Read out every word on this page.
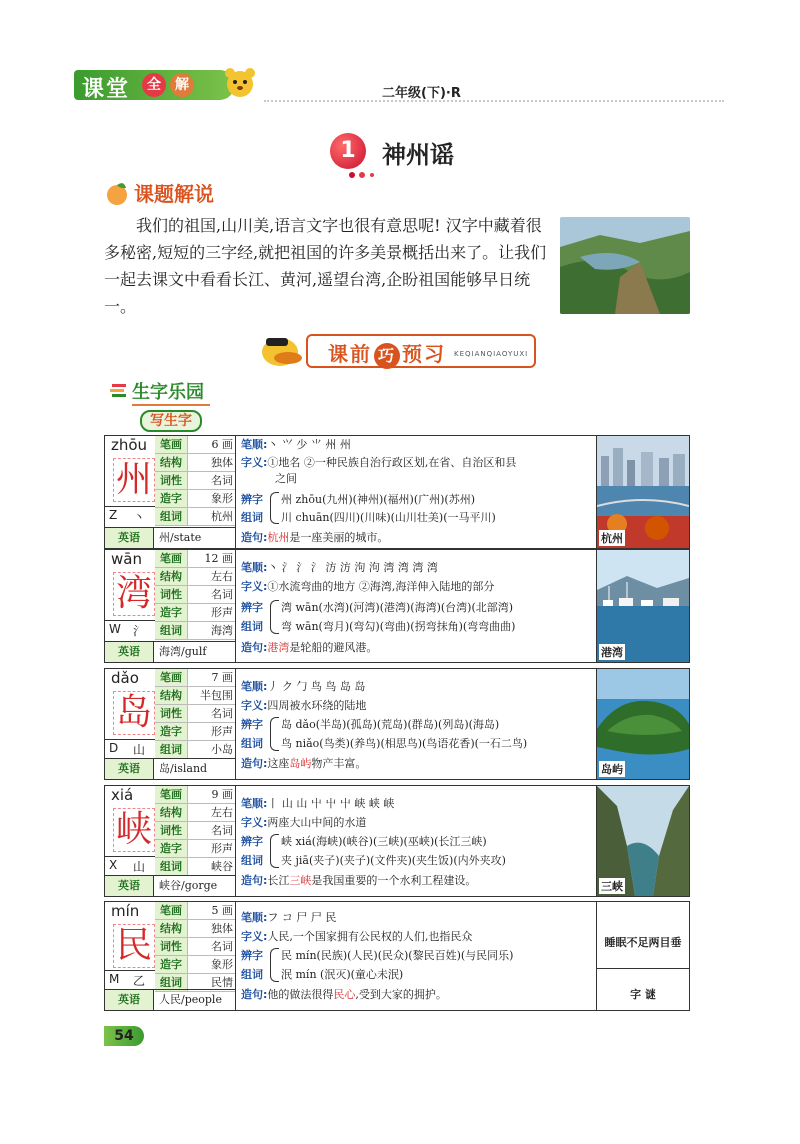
课堂	全	解
二年级(下)·R
1	神州谣
课题解说
我们的祖国,山川美,语言文字也很有意思呢! 汉字中藏着很多秘密,短短的三字经,就把祖国的许多美景概括出来了。让我们一起去课文中看看长江、黄河,遥望台湾,企盼祖国能够早日统一。
课前 巧 预习 KEQIANQIAOYUXI
生字乐园
写生字
zhōu
州
Z 丶
笔画	6 画
结构	独体
词性	名词
造字	象形
组词	杭州
英语	州/state
笔顺:丶 ⺍ 少 ⺌ 州 州
字义:①地名 ②一种民族自治行政区划,在省、自治区和县
之间
辨字
组词
州 zhōu(九州)(神州)(福州)(广州)(苏州)
川 chuān(四川)(川味)(山川壮美)(一马平川)
造句:杭州是一座美丽的城市。	杭州
wān
湾
W 氵
笔画	12 画
结构	左右
词性	名词
造字	形声
组词	海湾
英语	海湾/gulf
笔顺:丶 氵 氵 氵 汸 汸 泃 泃 湾 湾 湾 湾
字义:①水流弯曲的地方 ②海湾,海洋伸入陆地的部分
辨字
组词
湾 wān(水湾)(河湾)(港湾)(海湾)(台湾)(北部湾)
弯 wān(弯月)(弯勾)(弯曲)(拐弯抹角)(弯弯曲曲)
造句:港湾是轮船的避风港。	港湾
dǎo
岛
D 山
笔画	7 画
结构	半包围
词性	名词
造字	形声
组词	小岛
英语	岛/island
笔顺:丿 ク 勹 鸟 鸟 岛 岛
字义:四周被水环绕的陆地
辨字
组词
岛 dǎo(半岛)(孤岛)(荒岛)(群岛)(列岛)(海岛)
鸟 niǎo(鸟类)(养鸟)(相思鸟)(鸟语花香)(一石二鸟)
造句:这座岛屿物产丰富。	岛屿
xiá
峡
X 山
笔画	9 画
结构	左右
词性	名词
造字	形声
组词	峡谷
英语	峡谷/gorge
笔顺:丨 山 山 屮 屮 屮 峡 峡 峡
字义:两座大山中间的水道
辨字
组词
峡 xiá(海峡)(峡谷)(三峡)(巫峡)(长江三峡)
夹 jiā(夹子)(夹子)(文件夹)(夹生饭)(内外夹攻)
造句:长江三峡是我国重要的一个水利工程建设。	三峡
mín
民
M 乙
笔画	5 画
结构	独体
词性	名词
造字	象形
组词	民情
英语	人民/people
笔顺:フ コ 尸 尸 民
字义:人民,一个国家拥有公民权的人们,也指民众
辨字
组词
民 mín(民族)(人民)(民众)(黎民百姓)(与民同乐)
泯 mín (泯灭)(童心未泯)
造句:他的做法很得民心,受到大家的拥护。
睡眠不足两目垂
字 谜
54
